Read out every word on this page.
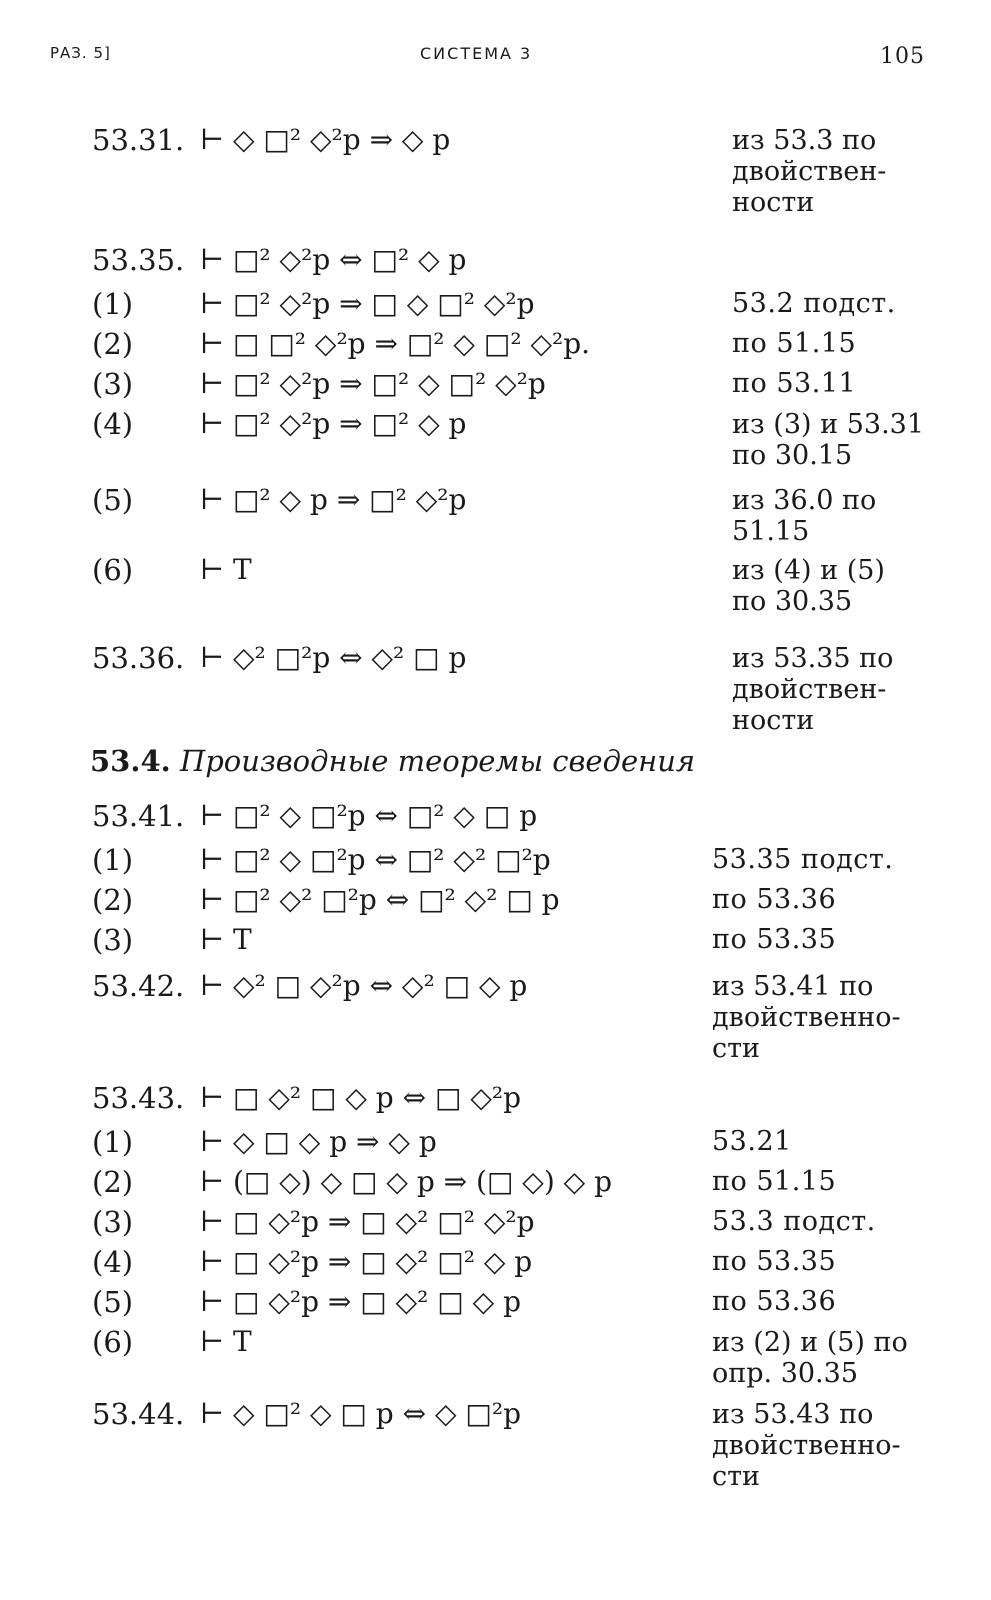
РАЗ. 5]	СИСТЕМА 3	105
53.31. ⊢ ◇ □² ◇²p ⇒ ◇ p	из 53.3 по
двойствен-
ности
53.35. ⊢ □² ◇²p ⇔ □² ◇ p
(1) ⊢ □² ◇²p ⇒ □ ◇ □² ◇²p	53.2 подст.
(2) ⊢ □ □² ◇²p ⇒ □² ◇ □² ◇²p.	по 51.15
(3) ⊢ □² ◇²p ⇒ □² ◇ □² ◇²p	по 53.11
(4) ⊢ □² ◇²p ⇒ □² ◇ p	из (3) и 53.31
по 30.15
(5) ⊢ □² ◇ p ⇒ □² ◇²p	из 36.0 по
51.15
(6) ⊢ T	из (4) и (5)
по 30.35
53.36. ⊢ ◇² □²p ⇔ ◇² □ p	из 53.35 по
двойствен-
ности
53.4. Производные теоремы сведения
53.41. ⊢ □² ◇ □²p ⇔ □² ◇ □ p
(1) ⊢ □² ◇ □²p ⇔ □² ◇² □²p	53.35 подст.
(2) ⊢ □² ◇² □²p ⇔ □² ◇² □ p	по 53.36
(3) ⊢ T	по 53.35
53.42. ⊢ ◇² □ ◇²p ⇔ ◇² □ ◇ p	из 53.41 по
двойственно-
сти
53.43. ⊢ □ ◇² □ ◇ p ⇔ □ ◇²p
(1) ⊢ ◇ □ ◇ p ⇒ ◇ p	53.21
(2) ⊢ (□ ◇) ◇ □ ◇ p ⇒ (□ ◇) ◇ p	по 51.15
(3) ⊢ □ ◇²p ⇒ □ ◇² □² ◇²p	53.3 подст.
(4) ⊢ □ ◇²p ⇒ □ ◇² □² ◇ p	по 53.35
(5) ⊢ □ ◇²p ⇒ □ ◇² □ ◇ p	по 53.36
(6) ⊢ T	из (2) и (5) по
опр. 30.35
53.44. ⊢ ◇ □² ◇ □ p ⇔ ◇ □²p	из 53.43 по
двойственно-
сти
